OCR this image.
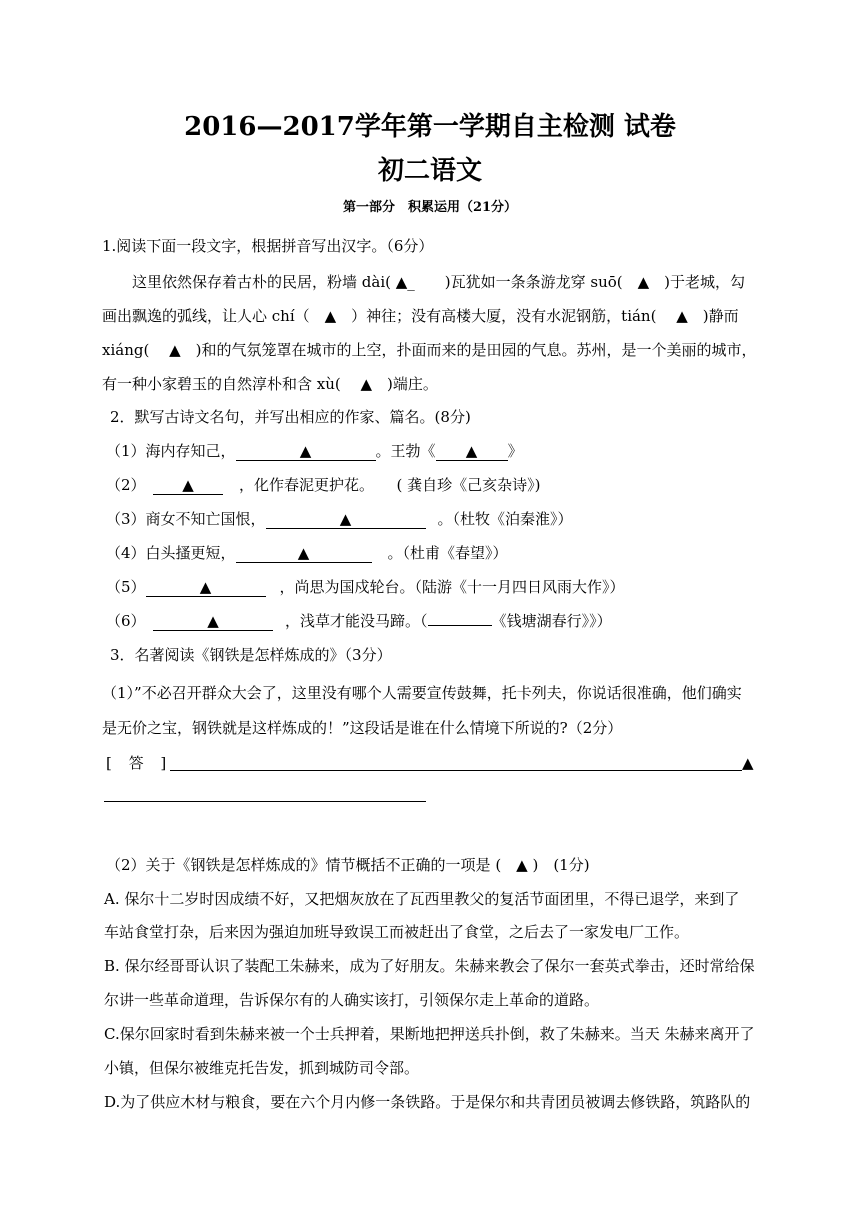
2016—2017学年第一学期自主检测 试卷
初二语文
第一部分　积累运用（21分）
1.阅读下面一段文字，根据拼音写出汉字。（6分）
　　这里依然保存着古朴的民居，粉墙 dài( ▲_　　)瓦犹如一条条游龙穿 suō(　▲　)于老城，勾
画出飘逸的弧线，让人心 chí（　▲　）神往；没有高楼大厦，没有水泥钢筋，tián(　 ▲　)静而
xiáng(　 ▲　)和的气氛笼罩在城市的上空，扑面而来的是田园的气息。苏州，是一个美丽的城市，
有一种小家碧玉的自然淳朴和含 xù(　 ▲　)端庄。
2．默写古诗文名句，并写出相应的作家、篇名。(8分)
（1）海内存知己，	▲	。王勃《 ▲ 》
（2）　▲	，化作春泥更护花。　　( 龚自珍《己亥杂诗》)
（3）商女不知亡国恨，	▲	。（杜牧《泊秦淮》）
（4）白头搔更短，	▲	。（杜甫《春望》）
（5）	▲	，尚思为国戍轮台。（陆游《十一月四日风雨大作》）
（6）　	▲	，浅草才能没马蹄。（	《钱塘湖春行》》）
3．名著阅读《钢铁是怎样炼成的》（3分）
（1）”不必召开群众大会了，这里没有哪个人需要宣传鼓舞，托卡列夫，你说话很准确，他们确实
是无价之宝，钢铁就是这样炼成的！”这段话是谁在什么情境下所说的?（2分）
[ 答 ]	▲
（2）关于《钢铁是怎样炼成的》情节概括不正确的一项是 (　▲ )　(1分)
A. 保尔十二岁时因成绩不好，又把烟灰放在了瓦西里教父的复活节面团里，不得已退学，来到了
车站食堂打杂，后来因为强迫加班导致误工而被赶出了食堂，之后去了一家发电厂工作。
B. 保尔经哥哥认识了装配工朱赫来，成为了好朋友。朱赫来教会了保尔一套英式拳击，还时常给保
尔讲一些革命道理，告诉保尔有的人确实该打，引领保尔走上革命的道路。
C.保尔回家时看到朱赫来被一个士兵押着，果断地把押送兵扑倒，救了朱赫来。当天 朱赫来离开了
小镇，但保尔被维克托告发，抓到城防司令部。
D.为了供应木材与粮食，要在六个月内修一条铁路。于是保尔和共青团员被调去修铁路，筑路队的
